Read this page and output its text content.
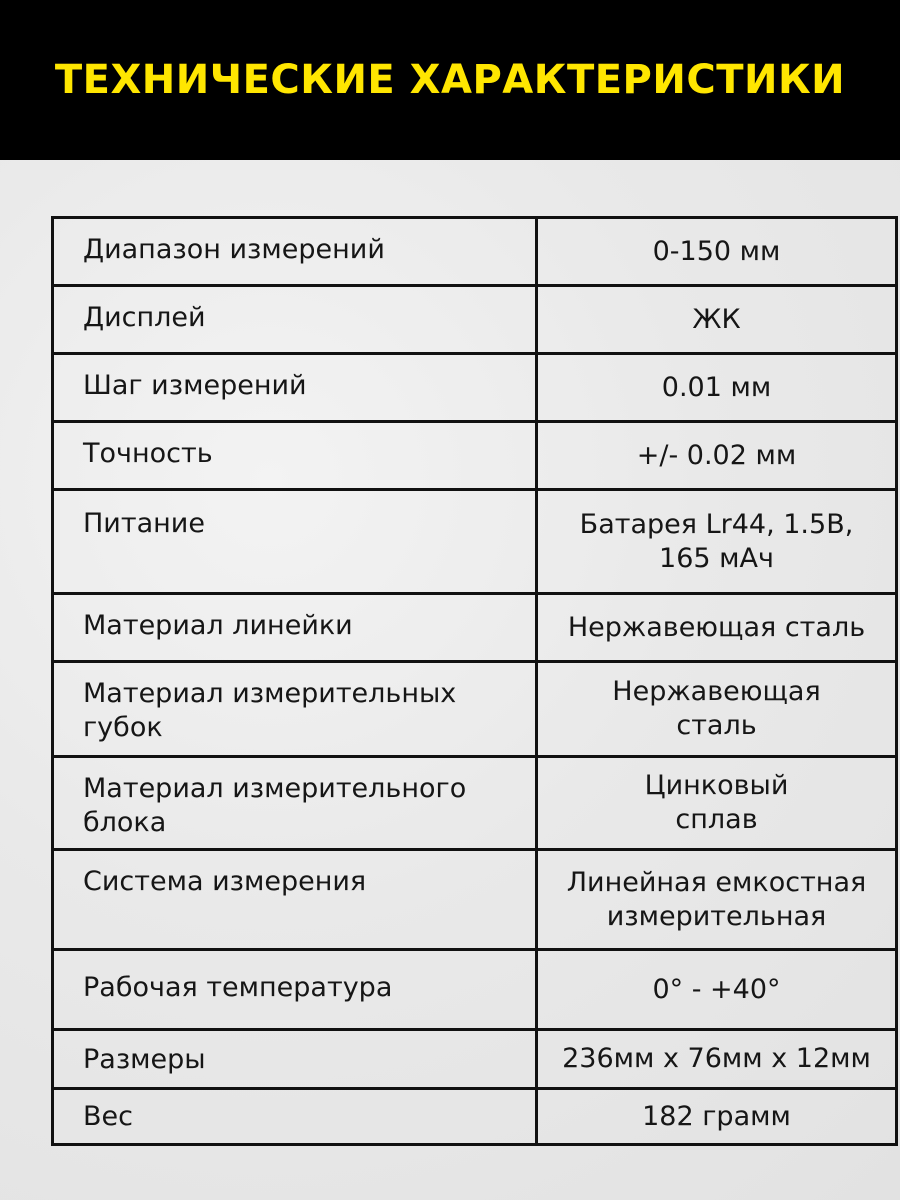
ТЕХНИЧЕСКИЕ ХАРАКТЕРИСТИКИ
Диапазон измерений	0-150 мм

Дисплей	ЖК

Шаг измерений	0.01 мм

Точность	+/- 0.02 мм

Питание	Батарея Lr44, 1.5В,
165 мАч

Материал линейки	Нержавеющая сталь

Материал измерительных
губок	Нержавеющая
сталь

Материал измерительного
блока	Цинковый
сплав

Система измерения	Линейная емкостная
измерительная

Рабочая температура	0° - +40°

Размеры	236мм x 76мм x 12мм

Вес	182 грамм
